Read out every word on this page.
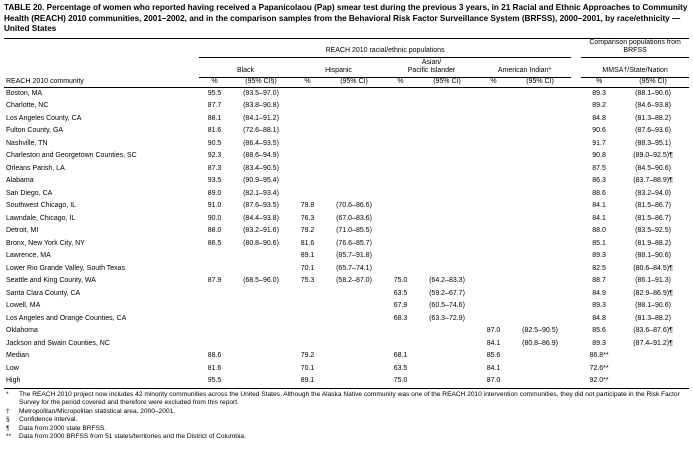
TABLE 20. Percentage of women who reported having received a Papanicolaou (Pap) smear test during the previous 3 years, in 21 Racial and Ethnic Approaches to Community Health (REACH) 2010 communities, 2001–2002, and in the comparison samples from the Behavioral Risk Factor Surveillance System (BRFSS), 2000–2001, by race/ethnicity — United States
REACH 2010 community	REACH 2010 racial/ethnic populations									Comparison populations from BRFSS	
	Black		Hispanic		Asian/
Pacific Islander		American Indian*			MMSA†/State/Nation	
	%	(95% CI§)	%	(95% CI)	%	(95% CI)	%	(95% CI)		%	(95% CI)
Boston, MA	95.5	(93.5–97.0)								89.3	(88.1–90.6)
Charlotte, NC	87.7	(83.8–90.8)								89.2	(84.6–93.8)
Los Angeles County, CA	88.1	(84.1–91.2)								84.8	(81.3–88.2)
Fulton County, GA	81.6	(72.6–88.1)								90.6	(87.6–93.6)
Nashville, TN	90.5	(86.4–93.5)								91.7	(88.3–95.1)
Charleston and Georgetown Counties, SC	92.3	(88.6–94.9)								90.8	(89.0–92.5)¶
Orleans Parish, LA	87.3	(83.4–90.5)								87.5	(84.5–90.6)
Alabama	93.5	(90.9–95.4)								86.3	(83.7–88.9)¶
San Diego, CA	89.0	(82.1–93.4)								88.6	(83.2–94.0)
Southwest Chicago, IL	91.0	(87.6–93.5)	79.8	(70.6–86.6)						84.1	(81.5–86.7)
Lawndale, Chicago, IL	90.0	(84.4–93.8)	76.3	(67.0–83.6)						84.1	(81.5–86.7)
Detroit, MI	88.0	(83.2–91.6)	79.2	(71.0–85.5)						88.0	(83.5–92.5)
Bronx, New York City, NY	86.5	(80.8–90.6)	81.6	(76.6–85.7)						85.1	(81.9–88.2)
Lawrence, MA			89.1	(85.7–91.8)						89.3	(88.1–90.6)
Lower Rio Grande Valley, South Texas			70.1	(65.7–74.1)						82.5	(80.6–84.5)¶
Seattle and King County, WA	87.9	(68.5–96.0)	75.3	(58.2–87.0)	75.0	(64.2–83.3)				88.7	(86.1–91.3)
Santa Clara County, CA					63.5	(59.2–67.7)				84.9	(82.9–86.9)¶
Lowell, MA					67.9	(60.5–74.6)				89.3	(88.1–90.6)
Los Angeles and Orange Counties, CA					68.3	(63.3–72.9)				84.8	(81.3–88.2)
Oklahoma							87.0	(82.5–90.5)		85.6	(83.6–87.6)¶
Jackson and Swain Counties, NC							84.1	(80.8–86.9)		89.3	(87.4–91.2)¶
Median	88.6		79.2		68.1		85.6			86.8**	
Low	81.6		70.1		63.5		84.1			72.6**	
High	95.5		89.1		75.0		87.0			92.0**	
*	The REACH 2010 project now includes 42 minority communities across the United States. Although the Alaska Native community was one of the REACH 2010 intervention communities, they did not participate in the Risk Factor Survey for the period covered and therefore were excluded from this report.
†	Metropolitan/Micropolitan statistical area, 2000–2001.
§	Confidence interval.
¶	Data from 2000 state BRFSS.
**	Data from 2000 BRFSS from 51 states/territories and the District of Columbia.
